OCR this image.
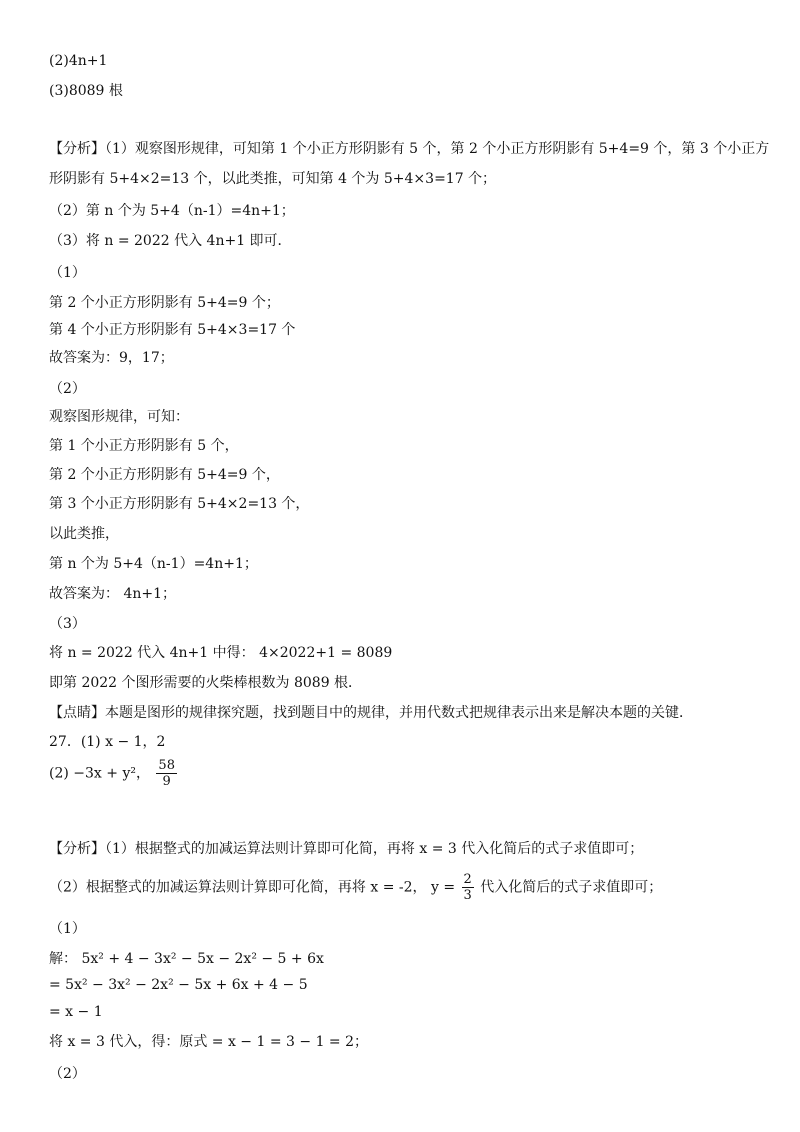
(2)4n+1
(3)8089 根
【分析】（1）观察图形规律，可知第 1 个小正方形阴影有 5 个，第 2 个小正方形阴影有 5+4=9 个，第 3 个小正方
形阴影有 5+4×2=13 个，以此类推，可知第 4 个为 5+4×3=17 个；
（2）第 n 个为 5+4（n-1）=4n+1；
（3）将 n = 2022 代入 4n+1 即可．
（1）
第 2 个小正方形阴影有 5+4=9 个；
第 4 个小正方形阴影有 5+4×3=17 个
故答案为：9，17；
（2）
观察图形规律，可知：
第 1 个小正方形阴影有 5 个，
第 2 个小正方形阴影有 5+4=9 个，
第 3 个小正方形阴影有 5+4×2=13 个，
以此类推，
第 n 个为 5+4（n-1）=4n+1；
故答案为： 4n+1；
（3）
将 n = 2022 代入 4n+1 中得： 4×2022+1 = 8089
即第 2022 个图形需要的火柴棒根数为 8089 根．
【点睛】本题是图形的规律探究题，找到题目中的规律，并用代数式把规律表示出来是解决本题的关键．
27．(1) x − 1，2
(2) −3x + y²， $\frac{58}{9}$
【分析】（1）根据整式的加减运算法则计算即可化简，再将 x = 3 代入化简后的式子求值即可；
（2）根据整式的加减运算法则计算即可化简，再将 x = -2， $y = \frac{2}{3}$ 代入化简后的式子求值即可；
（1）
解： 5x² + 4 − 3x² − 5x − 2x² − 5 + 6x
= 5x² − 3x² − 2x² − 5x + 6x + 4 − 5
= x − 1
将 x = 3 代入，得：原式 = x − 1 = 3 − 1 = 2；
（2）
